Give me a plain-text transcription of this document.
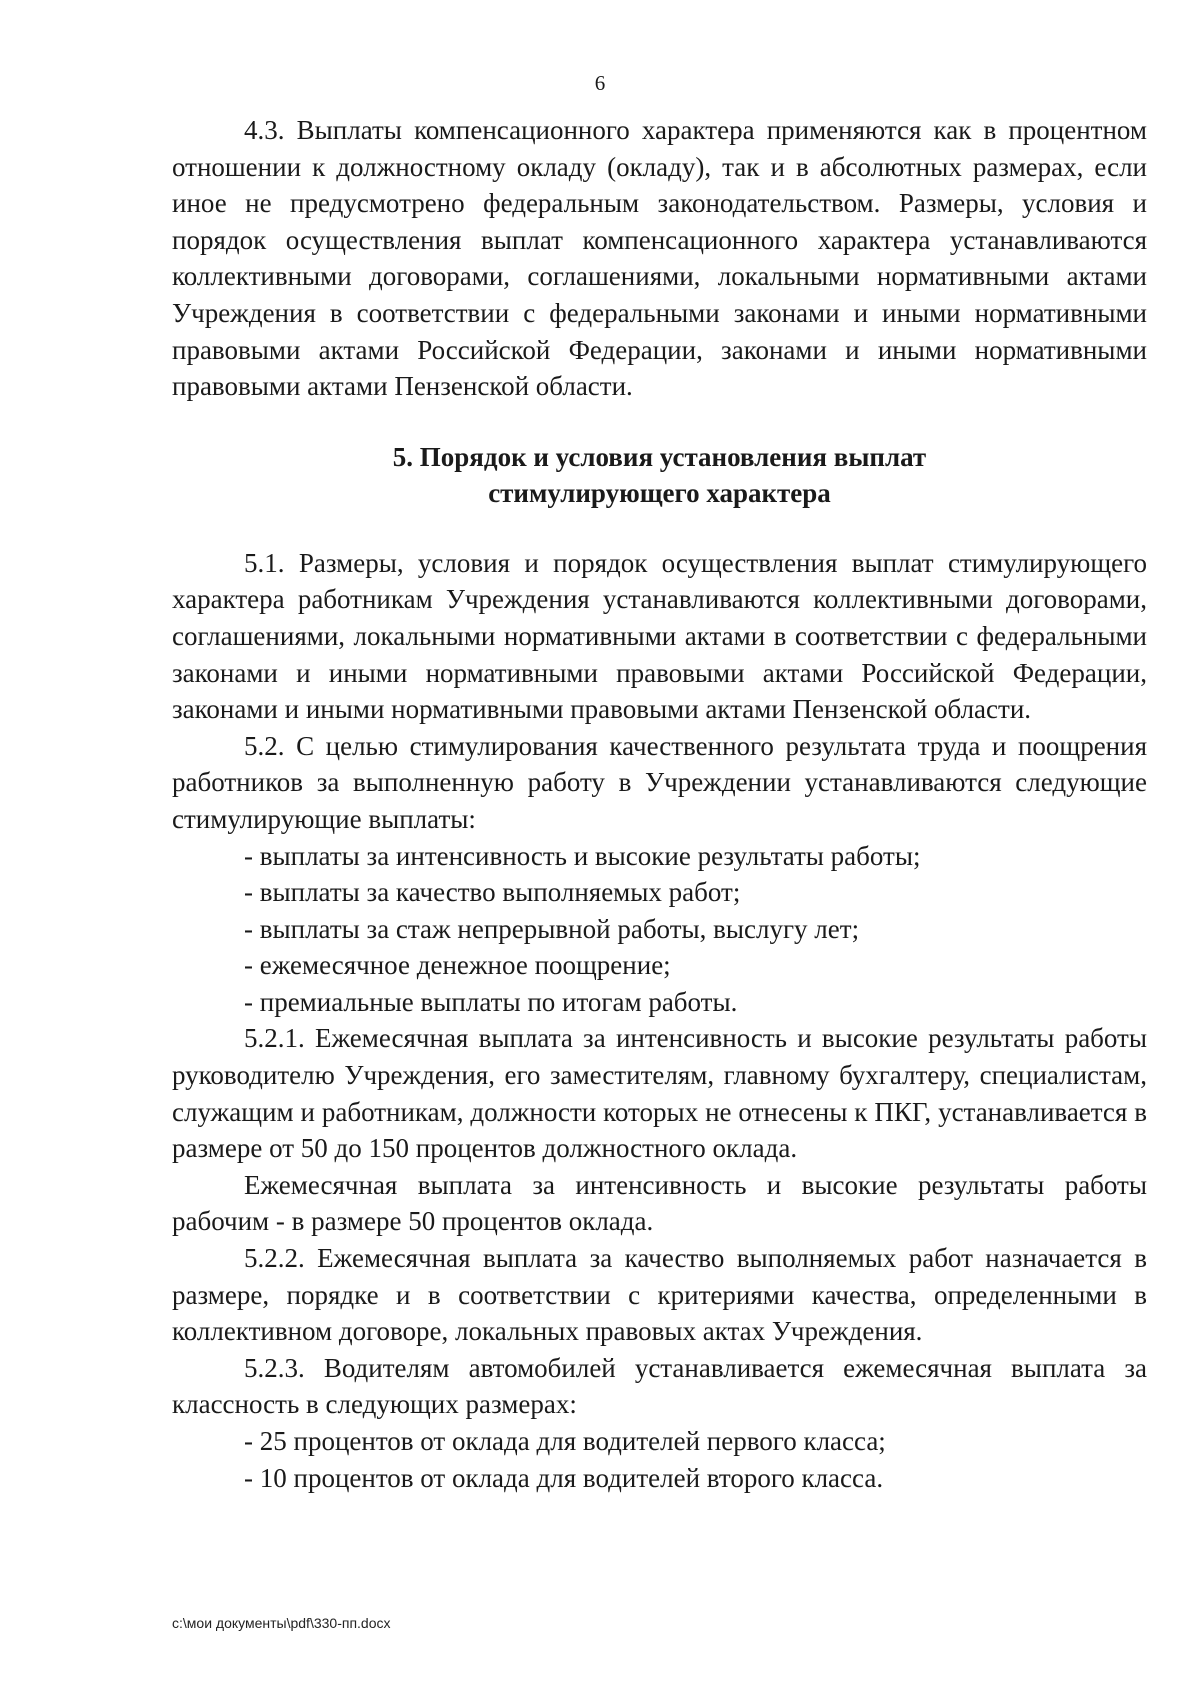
6

4.3. Выплаты компенсационного характера применяются как в процентном отношении к должностному окладу (окладу), так и в абсолютных размерах, если иное не предусмотрено федеральным законодательством. Размеры, условия и порядок осуществления выплат компенсационного характера устанавливаются коллективными договорами, соглашениями, локальными нормативными актами Учреждения в соответствии с федеральными законами и иными нормативными правовыми актами Российской Федерации, законами и иными нормативными правовыми актами Пензенской области.

5. Порядок и условия установления выплат

стимулирующего характера

5.1. Размеры, условия и порядок осуществления выплат стимулирующего характера работникам Учреждения устанавливаются коллективными договорами, соглашениями, локальными нормативными актами в соответствии с федеральными законами и иными нормативными правовыми актами Российской Федерации, законами и иными нормативными правовыми актами Пензенской области.

5.2. С целью стимулирования качественного результата труда и поощрения работников за выполненную работу в Учреждении устанавливаются следующие стимулирующие выплаты:

- выплаты за интенсивность и высокие результаты работы;

- выплаты за качество выполняемых работ;

- выплаты за стаж непрерывной работы, выслугу лет;

- ежемесячное денежное поощрение;

- премиальные выплаты по итогам работы.

5.2.1. Ежемесячная выплата за интенсивность и высокие результаты работы руководителю Учреждения, его заместителям, главному бухгалтеру, специалистам, служащим и работникам, должности которых не отнесены к ПКГ, устанавливается в размере от 50 до 150 процентов должностного оклада.

Ежемесячная выплата за интенсивность и высокие результаты работы рабочим - в размере 50 процентов оклада.

5.2.2. Ежемесячная выплата за качество выполняемых работ назначается в размере, порядке и в соответствии с критериями качества, определенными в коллективном договоре, локальных правовых актах Учреждения.

5.2.3. Водителям автомобилей устанавливается ежемесячная выплата за классность в следующих размерах:

- 25 процентов от оклада для водителей первого класса;

- 10 процентов от оклада для водителей второго класса.

c:\мои документы\pdf\330-пп.docx
